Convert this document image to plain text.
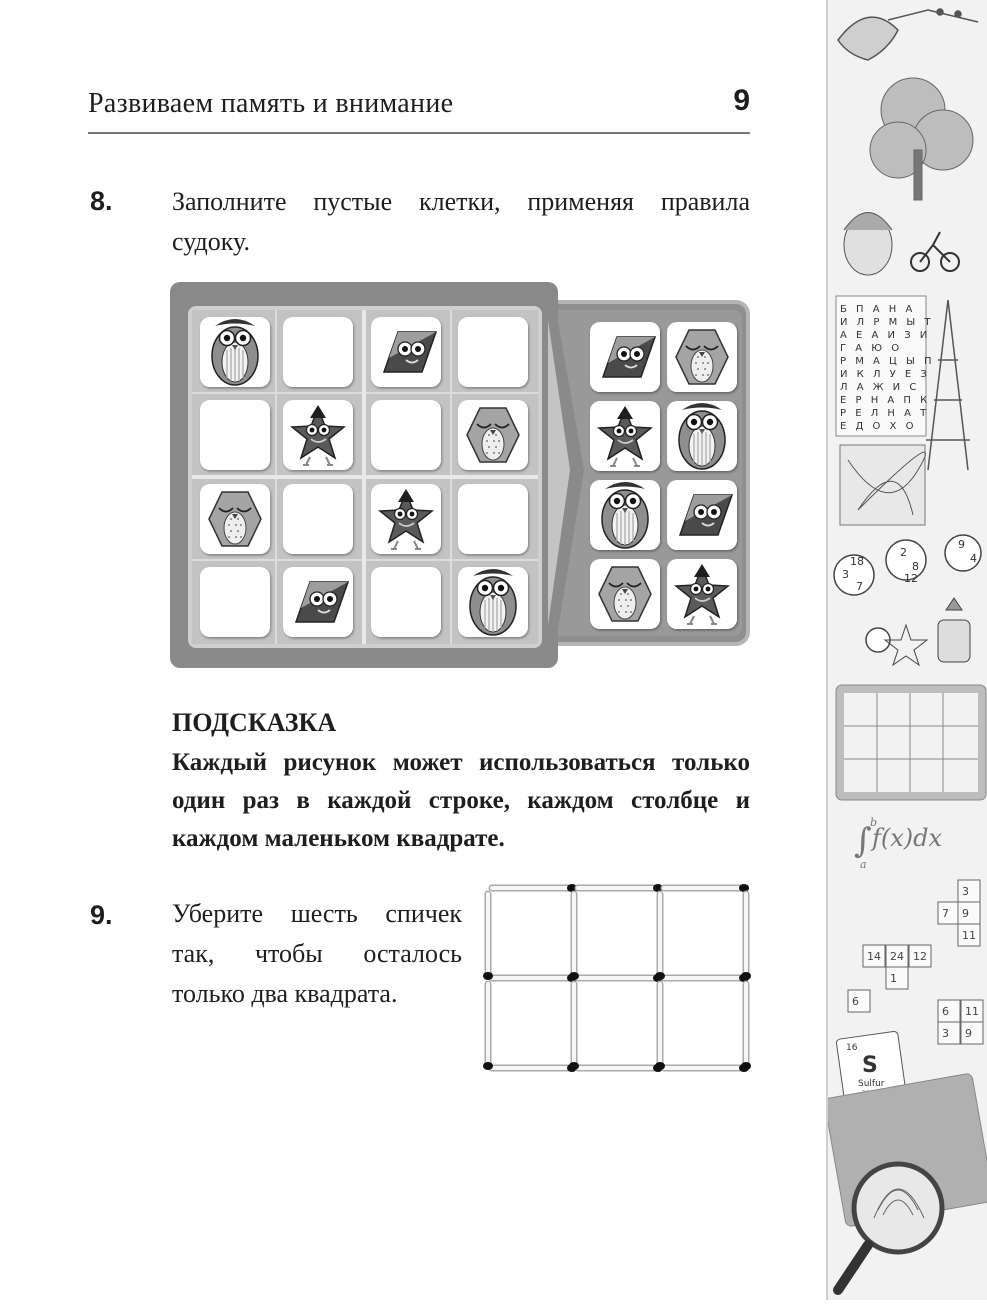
Развиваем память и внимание	9
8. Заполните пустые клетки, применяя правила судоку.
ПОДСКАЗКА
Каждый рисунок может использоваться только один раз в каждой строке, каждом столбце и каждом маленьком квадрате.
9. Уберите шесть спичек так, чтобы осталось только два квадрата.
Б П А Н А
И Л Р М Ы Т
А Е А И З И
Г А Ю О
Р М А Ц Ы П
И К Л У Е З
Л А Ж И С
Е Р Н А П К
Р Е Л Н А Т
Е Д О Х О
3
7
18
2
8
12
9
4
∫ f(x)dx
b
a
3
7 9
11
14 24 12
1
6
3 9
11
6
16
S
Sulfur
